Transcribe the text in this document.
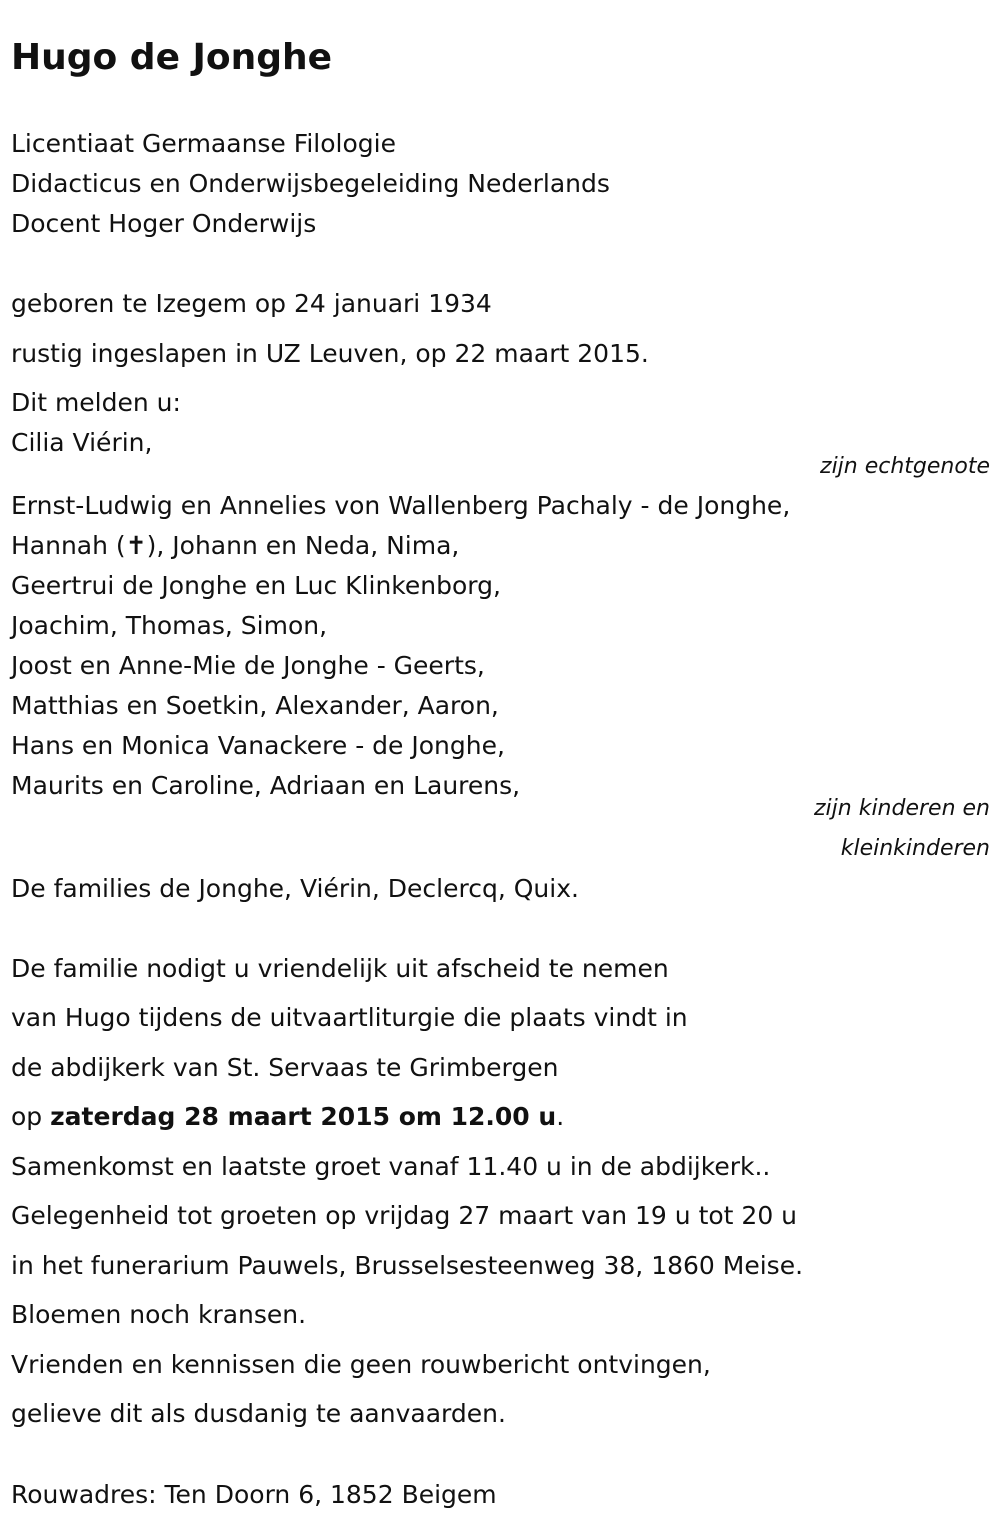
Hugo de Jonghe
Licentiaat Germaanse Filologie
Didacticus en Onderwijsbegeleiding Nederlands
Docent Hoger Onderwijs
geboren te Izegem op 24 januari 1934
rustig ingeslapen in UZ Leuven, op 22 maart 2015.
Dit melden u:
Cilia Viérin,
zijn echtgenote
Ernst-Ludwig en Annelies von Wallenberg Pachaly - de Jonghe,
Hannah (✝), Johann en Neda, Nima,
Geertrui de Jonghe en Luc Klinkenborg,
Joachim, Thomas, Simon,
Joost en Anne-Mie de Jonghe - Geerts,
Matthias en Soetkin, Alexander, Aaron,
Hans en Monica Vanackere - de Jonghe,
Maurits en Caroline, Adriaan en Laurens,
zijn kinderen en
kleinkinderen
De families de Jonghe, Viérin, Declercq, Quix.
De familie nodigt u vriendelijk uit afscheid te nemen
van Hugo tijdens de uitvaartliturgie die plaats vindt in
de abdijkerk van St. Servaas te Grimbergen
op zaterdag 28 maart 2015 om 12.00 u.
Samenkomst en laatste groet vanaf 11.40 u in de abdijkerk..
Gelegenheid tot groeten op vrijdag 27 maart van 19 u tot 20 u
in het funerarium Pauwels, Brusselsesteenweg 38, 1860 Meise.
Bloemen noch kransen.
Vrienden en kennissen die geen rouwbericht ontvingen,
gelieve dit als dusdanig te aanvaarden.
Rouwadres: Ten Doorn 6, 1852 Beigem
